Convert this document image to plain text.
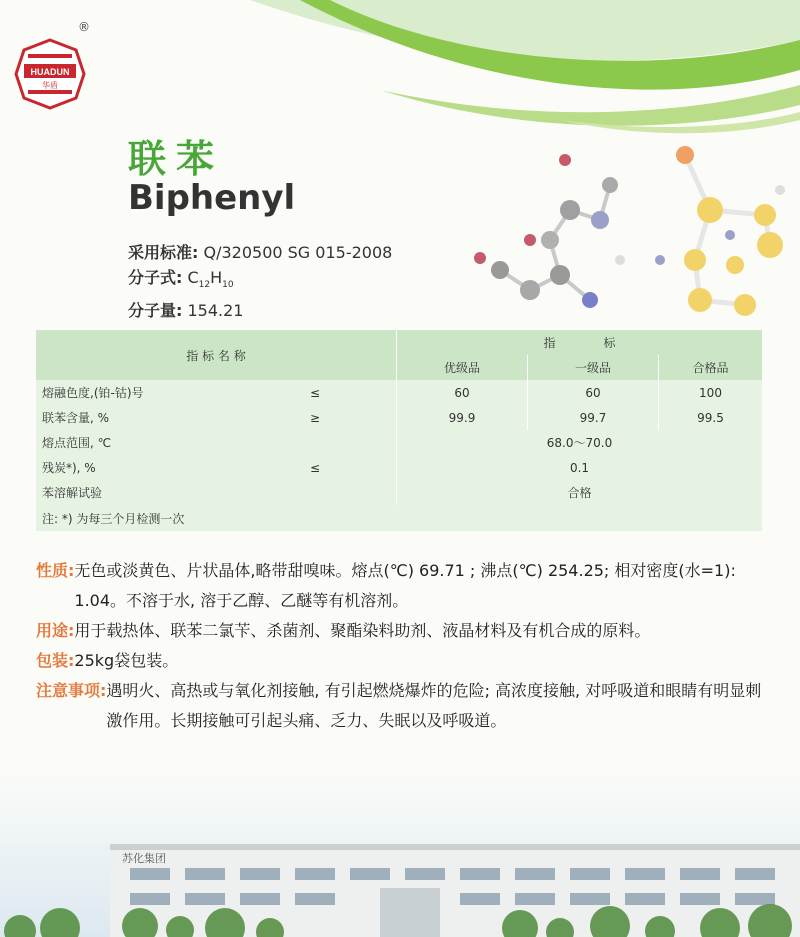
HUADUN
华盾
®
联苯
Biphenyl
采用标准: Q/320500 SG 015-2008
分子式: $C_{12}H_{10}$
分子量: 154.21
指 标 名 称		指　　　　标		
		优级品	一级品	合格品
熔融色度,(铂-钴)号	≤	60	60	100
联苯含量, %	≥	99.9	99.7	99.5
熔点范围, ℃		68.0～70.0		
残炭*), %	≤	0.1		
苯溶解试验		合格		
注: *) 为每三个月检测一次				
性质: 无色或淡黄色、片状晶体,略带甜嗅味。熔点(℃) 69.71 ; 沸点(℃) 254.25; 相对密度(水=1): 1.04。不溶于水, 溶于乙醇、乙醚等有机溶剂。
用途: 用于载热体、联苯二氯苄、杀菌剂、聚酯染料助剂、液晶材料及有机合成的原料。
包装: 25kg袋包装。
注意事项: 遇明火、高热或与氧化剂接触, 有引起燃烧爆炸的危险; 高浓度接触, 对呼吸道和眼睛有明显刺激作用。长期接触可引起头痛、乏力、失眠以及呼吸道。
苏化集团
